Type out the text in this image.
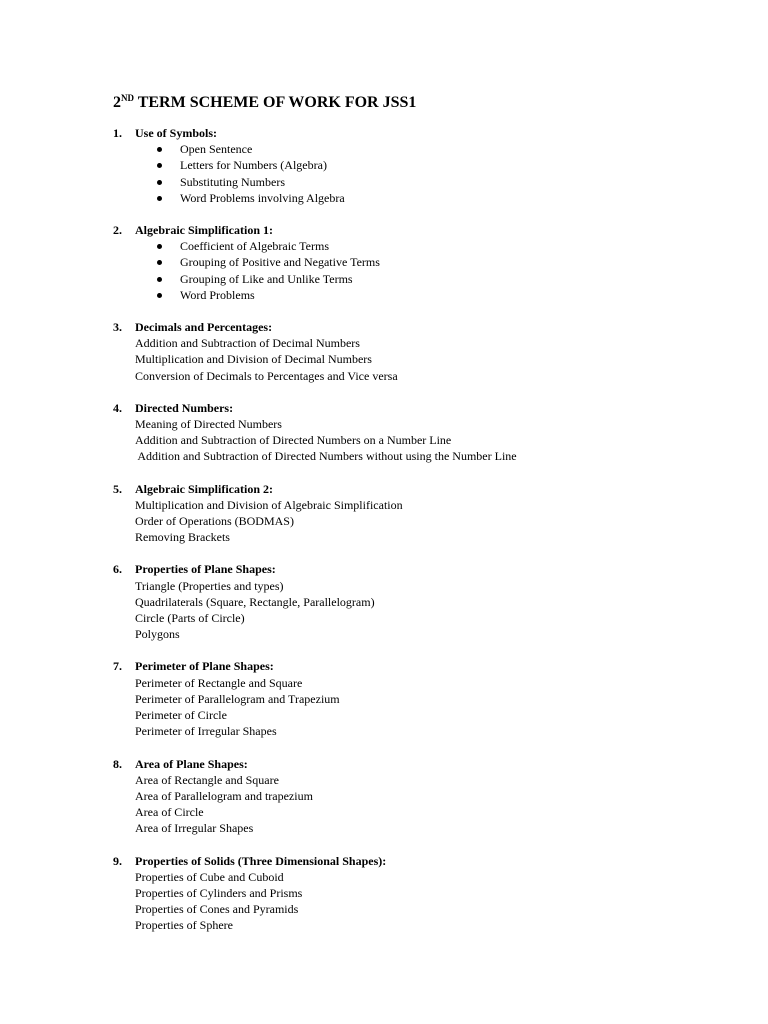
2ND TERM SCHEME OF WORK FOR JSS1
1. Use of Symbols:
Open Sentence
Letters for Numbers (Algebra)
Substituting Numbers
Word Problems involving Algebra
2. Algebraic Simplification 1:
Coefficient of Algebraic Terms
Grouping of Positive and Negative Terms
Grouping of Like and Unlike Terms
Word Problems
3. Decimals and Percentages:
Addition and Subtraction of Decimal Numbers
Multiplication and Division of Decimal Numbers
Conversion of Decimals to Percentages and Vice versa
4. Directed Numbers:
Meaning of Directed Numbers
Addition and Subtraction of Directed Numbers on a Number Line
Addition and Subtraction of Directed Numbers without using the Number Line
5. Algebraic Simplification 2:
Multiplication and Division of Algebraic Simplification
Order of Operations (BODMAS)
Removing Brackets
6. Properties of Plane Shapes:
Triangle (Properties and types)
Quadrilaterals (Square, Rectangle, Parallelogram)
Circle (Parts of Circle)
Polygons
7. Perimeter of Plane Shapes:
Perimeter of Rectangle and Square
Perimeter of Parallelogram and Trapezium
Perimeter of Circle
Perimeter of Irregular Shapes
8. Area of Plane Shapes:
Area of Rectangle and Square
Area of Parallelogram and trapezium
Area of Circle
Area of Irregular Shapes
9. Properties of Solids (Three Dimensional Shapes):
Properties of Cube and Cuboid
Properties of Cylinders and Prisms
Properties of Cones and Pyramids
Properties of Sphere
